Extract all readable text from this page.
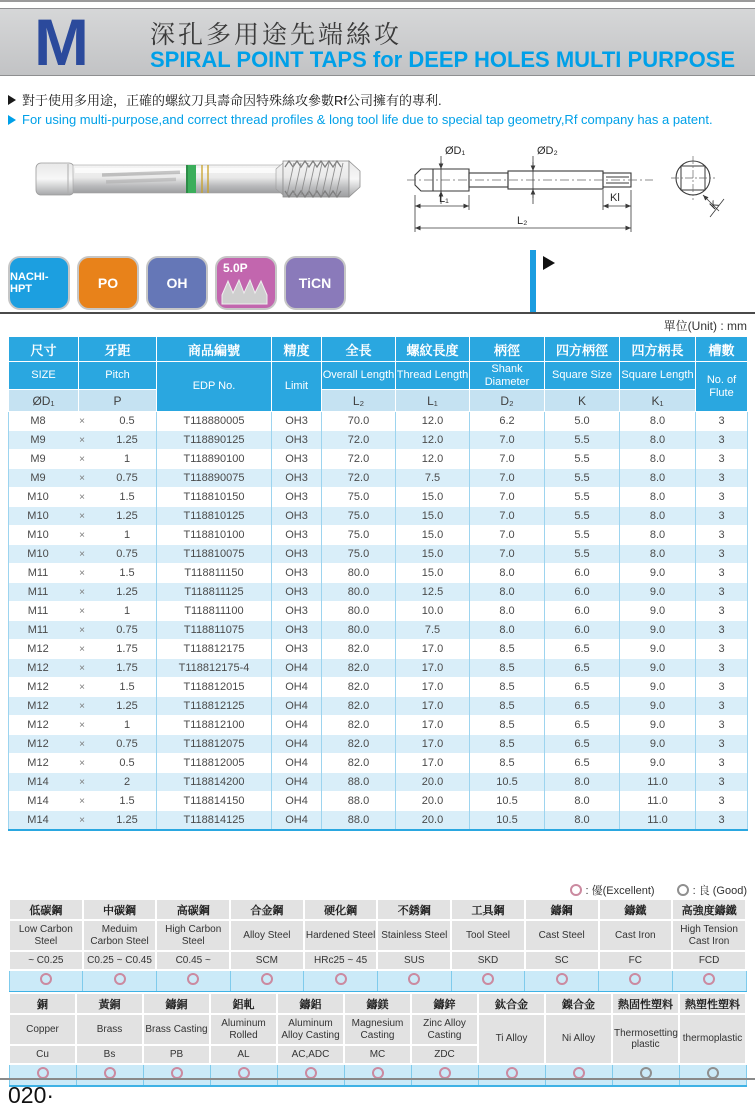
M 深孔多用途先端絲攻
SPIRAL POINT TAPS for DEEP HOLES MULTI PURPOSE
對于使用多用途，正確的螺紋刀具壽命因特殊絲攻參數Rf公司擁有的專利.
For using multi-purpose,and correct thread profiles & long tool life due to special tap geometry,Rf company has a patent.
ØD₁	ØD₂
L₁	Kl
L₂
K
NACHI-HPT	PO	OH
5.0P
TiCN
單位(Unit) : mm
尺寸	牙距	商品編號	精度	全長	螺紋長度	柄徑	四方柄徑	四方柄長	槽數
SIZE	Pitch	EDP No.	Limit	Overall Length	Thread Length	Shank Diameter	Square Size	Square Length	No. of Flute
ØD₁	P			L₂	L₁	D₂	K	K₁	

M8 × 0.5		T118880005	OH3	70.0	12.0	6.2	5.0	8.0	3

M9 × 1.25		T118890125	OH3	72.0	12.0	7.0	5.5	8.0	3

M9 × 1		T118890100	OH3	72.0	12.0	7.0	5.5	8.0	3

M9 × 0.75		T118890075	OH3	72.0	7.5	7.0	5.5	8.0	3

M10 × 1.5		T118810150	OH3	75.0	15.0	7.0	5.5	8.0	3

M10 × 1.25		T118810125	OH3	75.0	15.0	7.0	5.5	8.0	3

M10 × 1		T118810100	OH3	75.0	15.0	7.0	5.5	8.0	3

M10 × 0.75		T118810075	OH3	75.0	15.0	7.0	5.5	8.0	3

M11 × 1.5		T118811150	OH3	80.0	15.0	8.0	6.0	9.0	3

M11 × 1.25		T118811125	OH3	80.0	12.5	8.0	6.0	9.0	3

M11 × 1		T118811100	OH3	80.0	10.0	8.0	6.0	9.0	3

M11 × 0.75		T118811075	OH3	80.0	7.5	8.0	6.0	9.0	3

M12 × 1.75		T118812175	OH3	82.0	17.0	8.5	6.5	9.0	3

M12 × 1.75		T118812175-4	OH4	82.0	17.0	8.5	6.5	9.0	3

M12 × 1.5		T118812015	OH4	82.0	17.0	8.5	6.5	9.0	3

M12 × 1.25		T118812125	OH4	82.0	17.0	8.5	6.5	9.0	3

M12 × 1		T118812100	OH4	82.0	17.0	8.5	6.5	9.0	3

M12 × 0.75		T118812075	OH4	82.0	17.0	8.5	6.5	9.0	3

M12 × 0.5		T118812005	OH4	82.0	17.0	8.5	6.5	9.0	3

M14 × 2		T118814200	OH4	88.0	20.0	10.5	8.0	11.0	3

M14 × 1.5		T118814150	OH4	88.0	20.0	10.5	8.0	11.0	3

M14 × 1.25		T118814125	OH4	88.0	20.0	10.5	8.0	11.0	3
: 優(Excellent)	: 良 (Good)
低碳鋼	中碳鋼	高碳鋼	合金鋼	硬化鋼	不銹鋼	工具鋼	鑄鋼	鑄鐵	高強度鑄鐵
Low Carbon Steel	Meduim Carbon Steel	High Carbon Steel	Alloy Steel	Hardened Steel	Stainless Steel	Tool Steel	Cast Steel	Cast Iron	High Tension Cast Iron
~ C0.25	C0.25 ~ C0.45	C0.45 ~	SCM	HRc25 ~ 45	SUS	SKD	SC	FC	FCD

銅	黃銅	鑄銅	鋁軋	鑄鋁	鑄鎂	鑄鋅	鈦合金	鎳合金	熱固性塑料	熱塑性塑料
Copper	Brass	Brass Casting	Aluminum Rolled	Aluminum Alloy Casting	Magnesium Casting	Zinc Alloy Casting	Ti Alloy	Ni Alloy	Thermosetting plastic	thermoplastic
Cu	Bs	PB	AL	AC,ADC	MC	ZDC				

020·
